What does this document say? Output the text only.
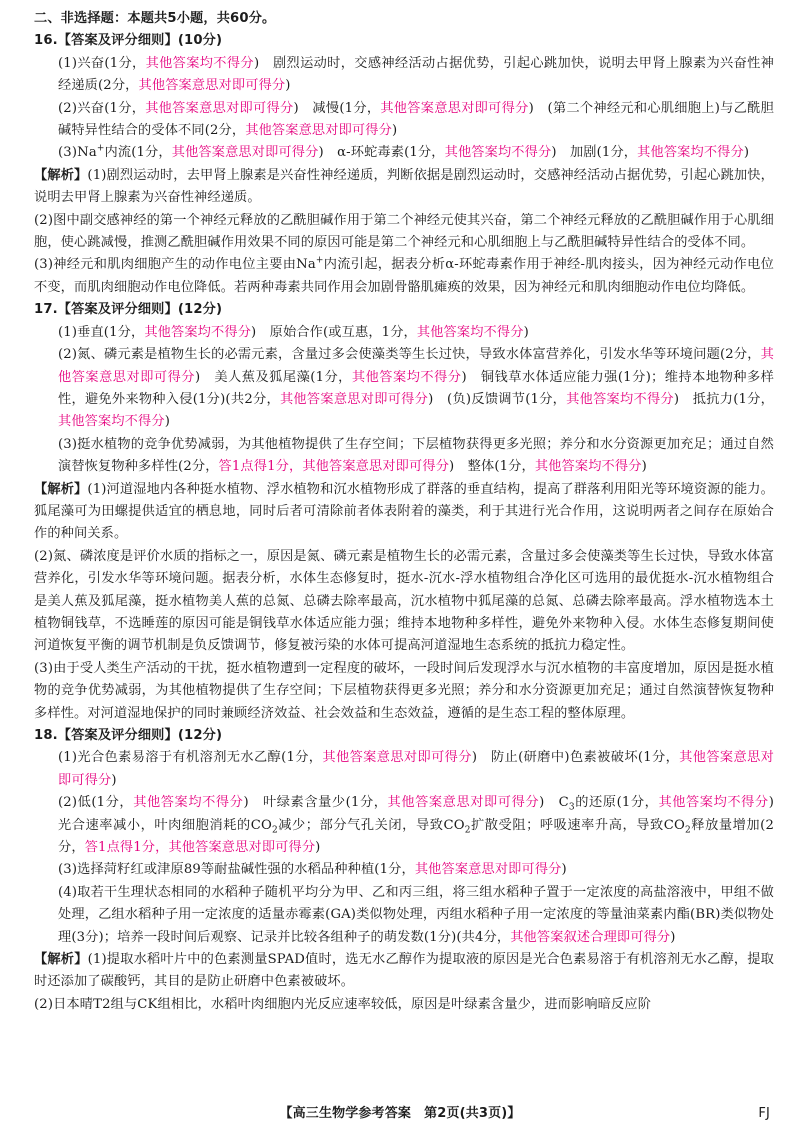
二、非选择题：本题共5小题，共60分。
16.【答案及评分细则】(10分)

(1)兴奋(1分，其他答案均不得分)　剧烈运动时，交感神经活动占据优势，引起心跳加快，说明去甲肾上腺素为兴奋性神经递质(2分，其他答案意思对即可得分)

(2)兴奋(1分，其他答案意思对即可得分)　减慢(1分，其他答案意思对即可得分)　(第二个神经元和心肌细胞上)与乙酰胆碱特异性结合的受体不同(2分，其他答案意思对即可得分)

(3)Na+内流(1分，其他答案意思对即可得分)　α-环蛇毒素(1分，其他答案均不得分)　加剧(1分，其他答案均不得分)

【解析】(1)剧烈运动时，去甲肾上腺素是兴奋性神经递质，判断依据是剧烈运动时，交感神经活动占据优势，引起心跳加快，说明去甲肾上腺素为兴奋性神经递质。

(2)图中副交感神经的第一个神经元释放的乙酰胆碱作用于第二个神经元使其兴奋，第二个神经元释放的乙酰胆碱作用于心肌细胞，使心跳减慢，推测乙酰胆碱作用效果不同的原因可能是第二个神经元和心肌细胞上与乙酰胆碱特异性结合的受体不同。

(3)神经元和肌肉细胞产生的动作电位主要由Na+内流引起，据表分析α-环蛇毒素作用于神经-肌肉接头，因为神经元动作电位不变，而肌肉细胞动作电位降低。若两种毒素共同作用会加剧骨骼肌瘫痪的效果，因为神经元和肌肉细胞动作电位均降低。

17.【答案及评分细则】(12分)

(1)垂直(1分，其他答案均不得分)　原始合作(或互惠，1分，其他答案均不得分)

(2)氮、磷元素是植物生长的必需元素，含量过多会使藻类等生长过快，导致水体富营养化，引发水华等环境问题(2分，其他答案意思对即可得分)　美人蕉及狐尾藻(1分，其他答案均不得分)　铜钱草水体适应能力强(1分)；维持本地物种多样性，避免外来物种入侵(1分)(共2分，其他答案意思对即可得分)　(负)反馈调节(1分，其他答案均不得分)　抵抗力(1分，其他答案均不得分)

(3)挺水植物的竞争优势减弱，为其他植物提供了生存空间；下层植物获得更多光照；养分和水分资源更加充足；通过自然演替恢复物种多样性(2分，答1点得1分，其他答案意思对即可得分)　整体(1分，其他答案均不得分)

【解析】(1)河道湿地内各种挺水植物、浮水植物和沉水植物形成了群落的垂直结构，提高了群落利用阳光等环境资源的能力。狐尾藻可为田螺提供适宜的栖息地，同时后者可清除前者体表附着的藻类，利于其进行光合作用，这说明两者之间存在原始合作的种间关系。

(2)氮、磷浓度是评价水质的指标之一，原因是氮、磷元素是植物生长的必需元素，含量过多会使藻类等生长过快，导致水体富营养化，引发水华等环境问题。据表分析，水体生态修复时，挺水-沉水-浮水植物组合净化区可选用的最优挺水-沉水植物组合是美人蕉及狐尾藻，挺水植物美人蕉的总氮、总磷去除率最高，沉水植物中狐尾藻的总氮、总磷去除率最高。浮水植物选本土植物铜钱草，不选睡莲的原因可能是铜钱草水体适应能力强；维持本地物种多样性，避免外来物种入侵。水体生态修复期间使河道恢复平衡的调节机制是负反馈调节，修复被污染的水体可提高河道湿地生态系统的抵抗力稳定性。

(3)由于受人类生产活动的干扰，挺水植物遭到一定程度的破坏，一段时间后发现浮水与沉水植物的丰富度增加，原因是挺水植物的竞争优势减弱，为其他植物提供了生存空间；下层植物获得更多光照；养分和水分资源更加充足；通过自然演替恢复物种多样性。对河道湿地保护的同时兼顾经济效益、社会效益和生态效益，遵循的是生态工程的整体原理。

18.【答案及评分细则】(12分)

(1)光合色素易溶于有机溶剂无水乙醇(1分，其他答案意思对即可得分)　防止(研磨中)色素被破坏(1分，其他答案意思对即可得分)

(2)低(1分，其他答案均不得分)　叶绿素含量少(1分，其他答案意思对即可得分)　$C_3$的还原(1分，其他答案均不得分)　光合速率减小，叶肉细胞消耗的$CO_2$减少；部分气孔关闭，导致$CO_2$扩散受阻；呼吸速率升高，导致$CO_2$释放量增加(2分，答1点得1分，其他答案意思对即可得分)

(3)选择菏籽红或津原89等耐盐碱性强的水稻品种种植(1分，其他答案意思对即可得分)

(4)取若干生理状态相同的水稻种子随机平均分为甲、乙和丙三组，将三组水稻种子置于一定浓度的高盐溶液中，甲组不做处理，乙组水稻种子用一定浓度的适量赤霉素(GA)类似物处理，丙组水稻种子用一定浓度的等量油菜素内酯(BR)类似物处理(3分)；培养一段时间后观察、记录并比较各组种子的萌发数(1分)(共4分，其他答案叙述合理即可得分)

【解析】(1)提取水稻叶片中的色素测量SPAD值时，选无水乙醇作为提取液的原因是光合色素易溶于有机溶剂无水乙醇，提取时还添加了碳酸钙，其目的是防止研磨中色素被破坏。

(2)日本晴T2组与CK组相比，水稻叶肉细胞内光反应速率较低，原因是叶绿素含量少，进而影响暗反应阶

【高三生物学参考答案　第2页(共3页)】	FJ
